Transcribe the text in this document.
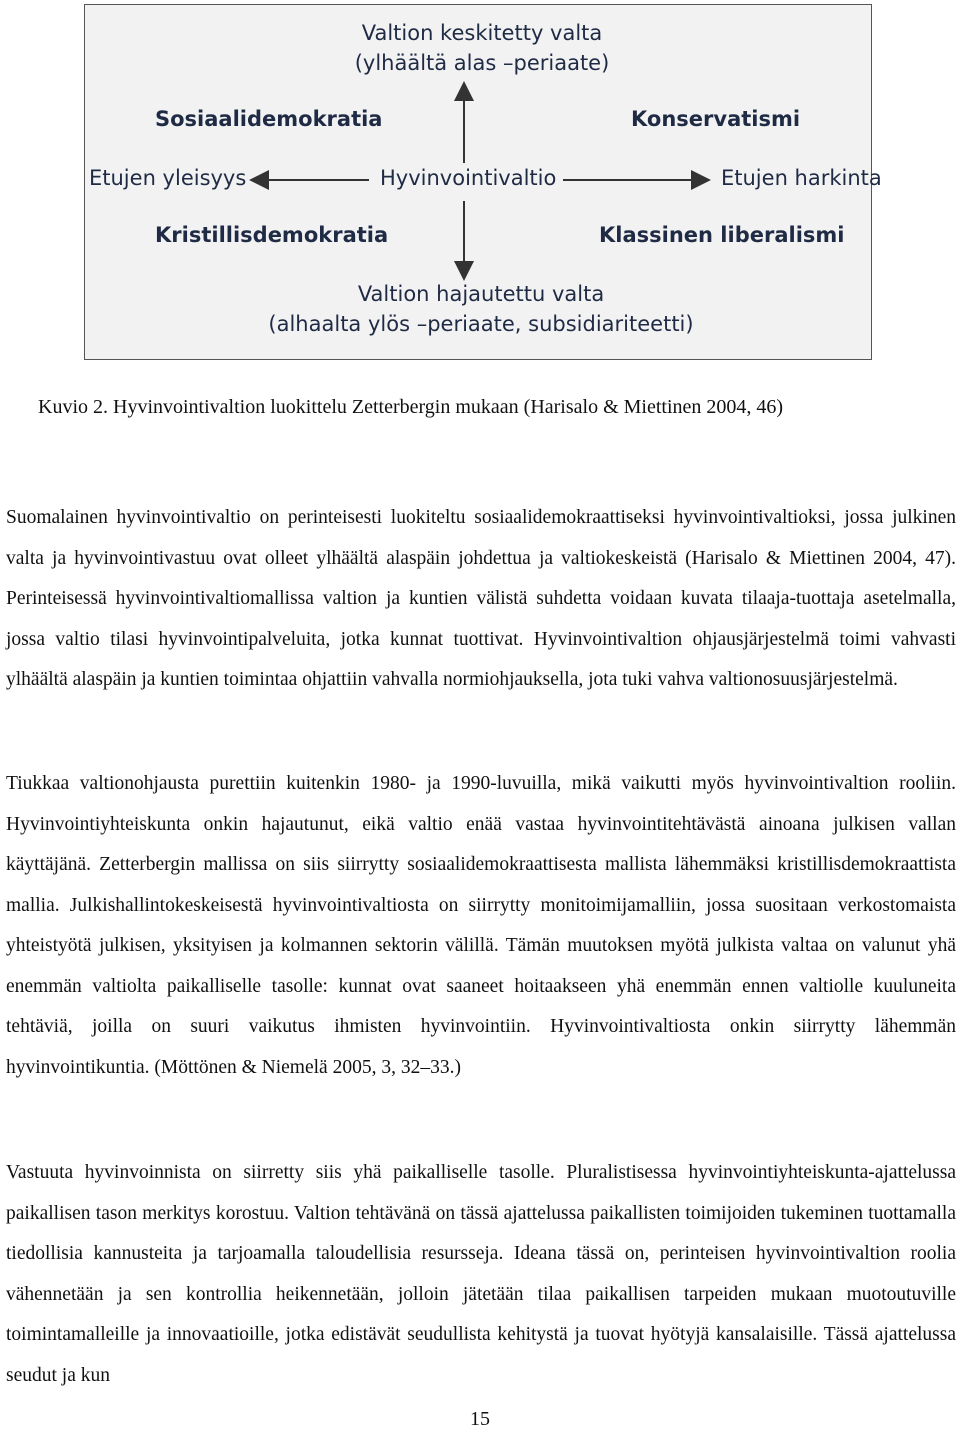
Valtion keskitetty valta
(ylhäältä alas –periaate)
Sosiaalidemokratia	Konservatismi
Etujen yleisyys	Hyvinvointivaltio	Etujen harkinta
Kristillisdemokratia	Klassinen liberalismi
Valtion hajautettu valta
(alhaalta ylös –periaate, subsidiariteetti)
Kuvio 2. Hyvinvointivaltion luokittelu Zetterbergin mukaan (Harisalo & Miettinen 2004, 46)

Suomalainen hyvinvointivaltio on perinteisesti luokiteltu sosiaalidemokraattiseksi hyvinvointivaltioksi, jossa julkinen valta ja hyvinvointivastuu ovat olleet ylhäältä alaspäin johdettua ja valtiokeskeistä (Harisalo & Miettinen 2004, 47). Perinteisessä hyvinvointivaltiomallissa valtion ja kuntien välistä suhdetta voidaan kuvata tilaaja-tuottaja asetelmalla, jossa valtio tilasi hyvinvointipalveluita, jotka kunnat tuottivat. Hyvinvointivaltion ohjausjärjestelmä toimi vahvasti ylhäältä alaspäin ja kuntien toimintaa ohjattiin vahvalla normiohjauksella, jota tuki vahva valtionosuusjärjestelmä.

Tiukkaa valtionohjausta purettiin kuitenkin 1980- ja 1990-luvuilla, mikä vaikutti myös hyvinvointivaltion rooliin. Hyvinvointiyhteiskunta onkin hajautunut, eikä valtio enää vastaa hyvinvointitehtävästä ainoana julkisen vallan käyttäjänä. Zetterbergin mallissa on siis siirrytty sosiaalidemokraattisesta mallista lähemmäksi kristillisdemokraattista mallia. Julkishallintokeskeisestä hyvinvointivaltiosta on siirrytty monitoimijamalliin, jossa suositaan verkostomaista yhteistyötä julkisen, yksityisen ja kolmannen sektorin välillä. Tämän muutoksen myötä julkista valtaa on valunut yhä enemmän valtiolta paikalliselle tasolle: kunnat ovat saaneet hoitaakseen yhä enemmän ennen valtiolle kuuluneita tehtäviä, joilla on suuri vaikutus ihmisten hyvinvointiin. Hyvinvointivaltiosta onkin siirrytty lähemmän hyvinvointikuntia. (Möttönen & Niemelä 2005, 3, 32–33.)

Vastuuta hyvinvoinnista on siirretty siis yhä paikalliselle tasolle. Pluralistisessa hyvinvointiyhteiskunta-ajattelussa paikallisen tason merkitys korostuu. Valtion tehtävänä on tässä ajattelussa paikallisten toimijoiden tukeminen tuottamalla tiedollisia kannusteita ja tarjoamalla taloudellisia resursseja. Ideana tässä on, perinteisen hyvinvointivaltion roolia vähennetään ja sen kontrollia heikennetään, jolloin jätetään tilaa paikallisen tarpeiden mukaan muotoutuville toimintamalleille ja innovaatioille, jotka edistävät seudullista kehitystä ja tuovat hyötyjä kansalaisille. Tässä ajattelussa seudut ja kun

15
